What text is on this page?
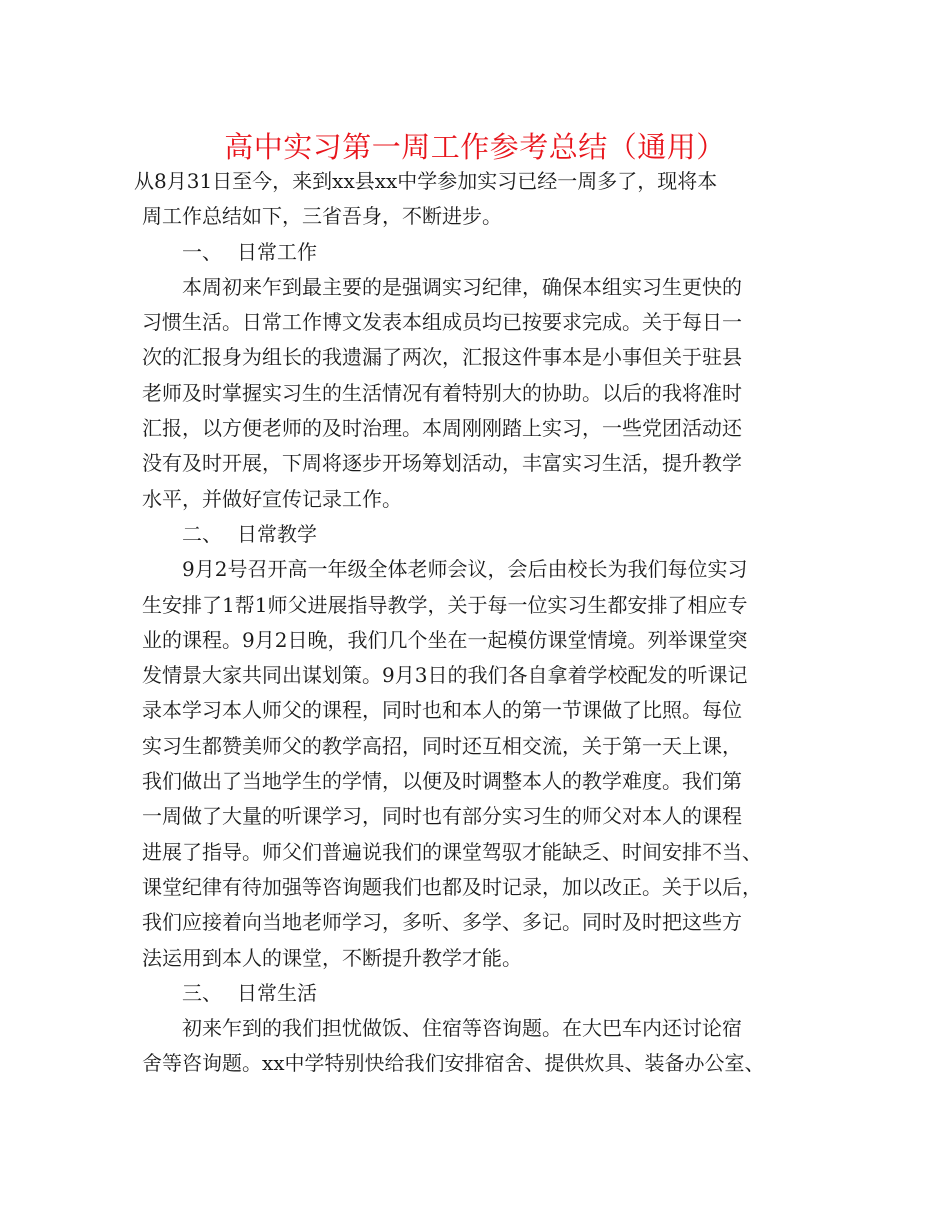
高中实习第一周工作参考总结（通用）
从8月31日至今，来到xx县xx中学参加实习已经一周多了，现将本
周工作总结如下，三省吾身，不断进步。
一、 日常工作
本周初来乍到最主要的是强调实习纪律，确保本组实习生更快的
习惯生活。日常工作博文发表本组成员均已按要求完成。关于每日一
次的汇报身为组长的我遗漏了两次，汇报这件事本是小事但关于驻县
老师及时掌握实习生的生活情况有着特别大的协助。以后的我将准时
汇报，以方便老师的及时治理。本周刚刚踏上实习，一些党团活动还
没有及时开展，下周将逐步开场筹划活动，丰富实习生活，提升教学
水平，并做好宣传记录工作。
二、 日常教学
9月2号召开高一年级全体老师会议，会后由校长为我们每位实习
生安排了1帮1师父进展指导教学，关于每一位实习生都安排了相应专
业的课程。9月2日晚，我们几个坐在一起模仿课堂情境。列举课堂突
发情景大家共同出谋划策。9月3日的我们各自拿着学校配发的听课记
录本学习本人师父的课程，同时也和本人的第一节课做了比照。每位
实习生都赞美师父的教学高招，同时还互相交流，关于第一天上课，
我们做出了当地学生的学情，以便及时调整本人的教学难度。我们第
一周做了大量的听课学习，同时也有部分实习生的师父对本人的课程
进展了指导。师父们普遍说我们的课堂驾驭才能缺乏、时间安排不当、
课堂纪律有待加强等咨询题我们也都及时记录，加以改正。关于以后，
我们应接着向当地老师学习，多听、多学、多记。同时及时把这些方
法运用到本人的课堂，不断提升教学才能。
三、 日常生活
初来乍到的我们担忧做饭、住宿等咨询题。在大巴车内还讨论宿
舍等咨询题。xx中学特别快给我们安排宿舍、提供炊具、装备办公室、
